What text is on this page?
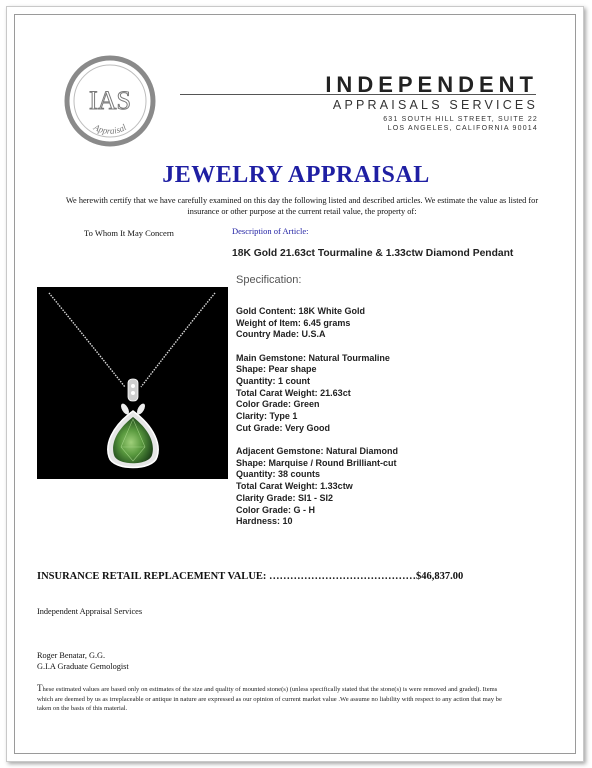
IAS
Appraisal
INDEPENDENT
APPRAISALS SERVICES
631 SOUTH HILL STREET, SUITE 22
LOS ANGELES, CALIFORNIA 90014
JEWELRY APPRAISAL
We herewith certify that we have carefully examined on this day the following listed and described articles. We estimate the value as listed for insurance or other purpose at the current retail value, the property of:
To Whom It May Concern	Description of Article:
18K Gold 21.63ct Tourmaline & 1.33ctw Diamond Pendant
Specification:
Gold Content: 18K White Gold
Weight of Item: 6.45 grams
Country Made: U.S.A
Main Gemstone: Natural Tourmaline
Shape: Pear shape
Quantity: 1 count
Total Carat Weight: 21.63ct
Color Grade: Green
Clarity: Type 1
Cut Grade: Very Good
Adjacent Gemstone: Natural Diamond
Shape: Marquise / Round Brilliant-cut
Quantity: 38 counts
Total Carat Weight: 1.33ctw
Clarity Grade: SI1 - SI2
Color Grade: G - H
Hardness: 10
INSURANCE RETAIL REPLACEMENT VALUE: ……………………………………$46,837.00
Independent Appraisal Services
Roger Benatar, G.G.
G.I.A Graduate Gemologist
These estimated values are based only on estimates of the size and quality of mounted stone(s) (unless specifically stated that the stone(s) is were removed and graded). Items which are deemed by us as irreplaceable or antique in nature are expressed as our opinion of current market value .We assume no liability with respect to any action that may be taken on the basis of this material.
